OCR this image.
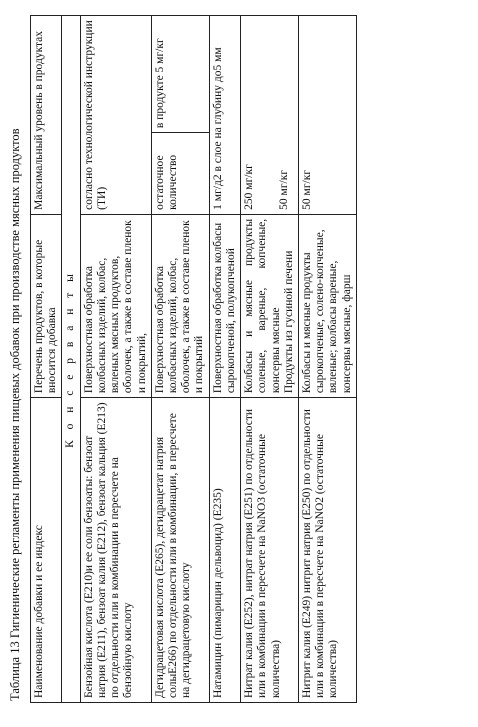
Таблица 13 Гигиенические регламенты применения пищевых добавок при производстве мясных продуктов Наименование добавки и ее индекс	Перечень продуктов, в которые вносится добавка	Максимальный уровень в продуктах	
К о н с е р в а н т ы			
Бензойная кислота (E210)и ее соли бензоаты: бензоат натрия (E211), бензоат калия (E212), бензоат кальция (E213) по отдельности или в комбинации в пересчете на бензойную кислоту	Поверхностная обработка колбасных изделий, колбас, вяленых мясных продуктов, оболочек, а также в составе пленок и покрытий,	согласно технологической инструкции (ТИ)	
Дегидрацетовая кислота (E265), дегидрацетат натрия солыЕ266) по отдельности или в комбинации, в пересчете на дегидрацетовую кислоту	Поверхностная обработка колбасных изделий, колбас, оболочек, а также в составе пленок и покрытий	остаточное количество	в продукте 5 мг/кг
Натамицин (пимарицин дельвоцид) (E235)	Поверхностная обработка колбасы сырокопченой, полукопченой	1 мг/д2 в слое на глубину до5 мм	
Нитрат калия (E252), нитрат натрия (E251) по отдельности или в комбинации в пересчете на NaNO3 (остаточные количества)	Колбасы и мясные продукты соленые, вареные, копченые, консервы мясные Продукты из гусиной печени	250 мг/кг 50 мг/кг	

Нитрит калия (E249) нитрит натрия (E250) по отдельности или в комбинации в пересчете на NaNO2 (остаточные количества)	Колбасы и мясные продукты сырокопченые, солено-копченые, вяленые; колбасы вареные, консервы мясные, фарш	50 мг/кг	
